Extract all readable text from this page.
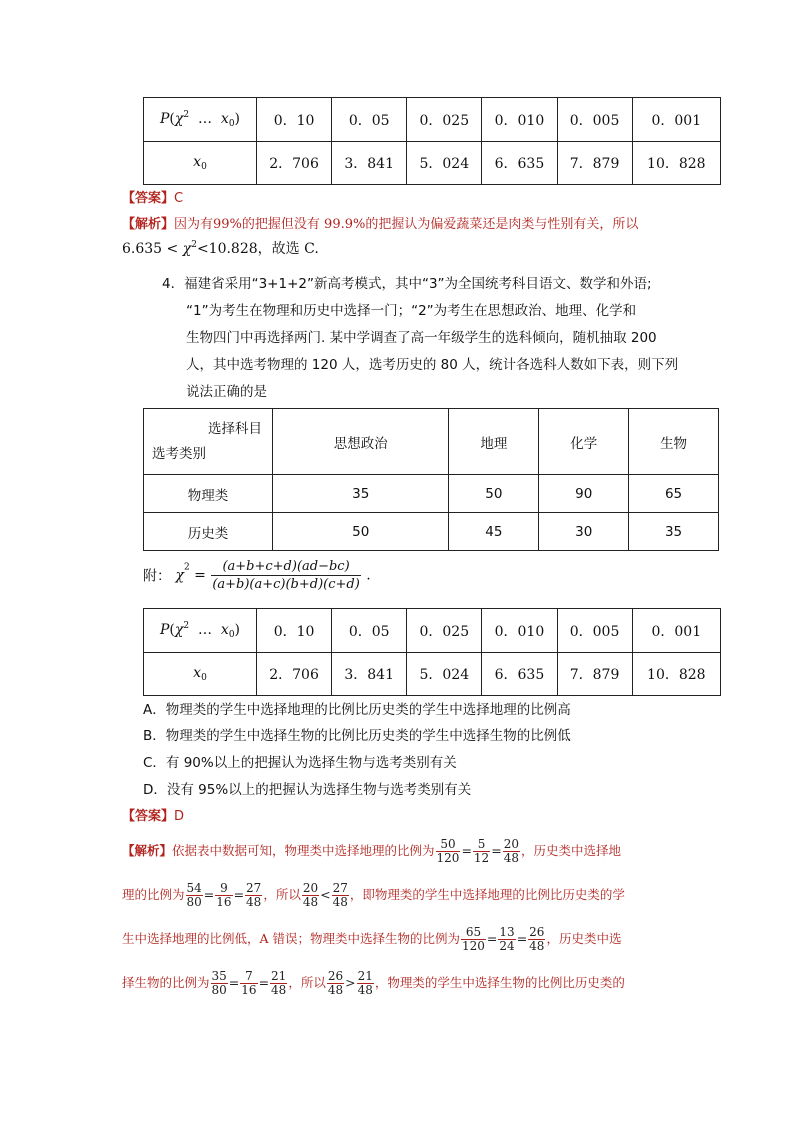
$P(\chi^2$  …  $x_0$)	0．10	0．05	0．025	0．010	0．005	0．001
$x_0$	2．706	3．841	5．024	6．635	7．879	10．828
【答案】C
【解析】因为有99%的把握但没有 99.9%的把握认为偏爱蔬菜还是肉类与性别有关，所以
$6.635 < \chi^2<10.828$，故选 C.
4．福建省采用“3+1+2”新高考模式，其中“3”为全国统考科目语文、数学和外语;
“1”为考生在物理和历史中选择一门；“2”为考生在思想政治、地理、化学和
生物四门中再选择两门. 某中学调查了高一年级学生的选科倾向，随机抽取 200
人，其中选考物理的 120 人，选考历史的 80 人，统计各选科人数如下表，则下列
说法正确的是
选择科目
选考类别	思想政治	地理	化学	生物
物理类	35	50	90	65
历史类	50	45	30	35
附： $\chi^2 = \frac{(a+b+c+d)(ad-bc)}{(a+b)(a+c)(b+d)(c+d)}$ .
$P(\chi^2$  …  $x_0$)	0．10	0．05	0．025	0．010	0．005	0．001
$x_0$	2．706	3．841	5．024	6．635	7．879	10．828
A．物理类的学生中选择地理的比例比历史类的学生中选择地理的比例高
B．物理类的学生中选择生物的比例比历史类的学生中选择生物的比例低
C．有 90%以上的把握认为选择生物与选考类别有关
D．没有 95%以上的把握认为选择生物与选考类别有关
【答案】D
【解析】依据表中数据可知，物理类中选择地理的比例为 $\frac{50}{120} = \frac{5}{12} = \frac{20}{48}$ ，历史类中选择地
理的比例为 $\frac{54}{80} = \frac{9}{16} = \frac{27}{48}$ ，所以 $\frac{20}{48} < \frac{27}{48}$ ，即物理类的学生中选择地理的比例比历史类的学
生中选择地理的比例低，A 错误；物理类中选择生物的比例为 $\frac{65}{120} = \frac{13}{24} = \frac{26}{48}$ ，历史类中选
择生物的比例为 $\frac{35}{80} = \frac{7}{16} = \frac{21}{48}$ ，所以 $\frac{26}{48} > \frac{21}{48}$ ，物理类的学生中选择生物的比例比历史类的
